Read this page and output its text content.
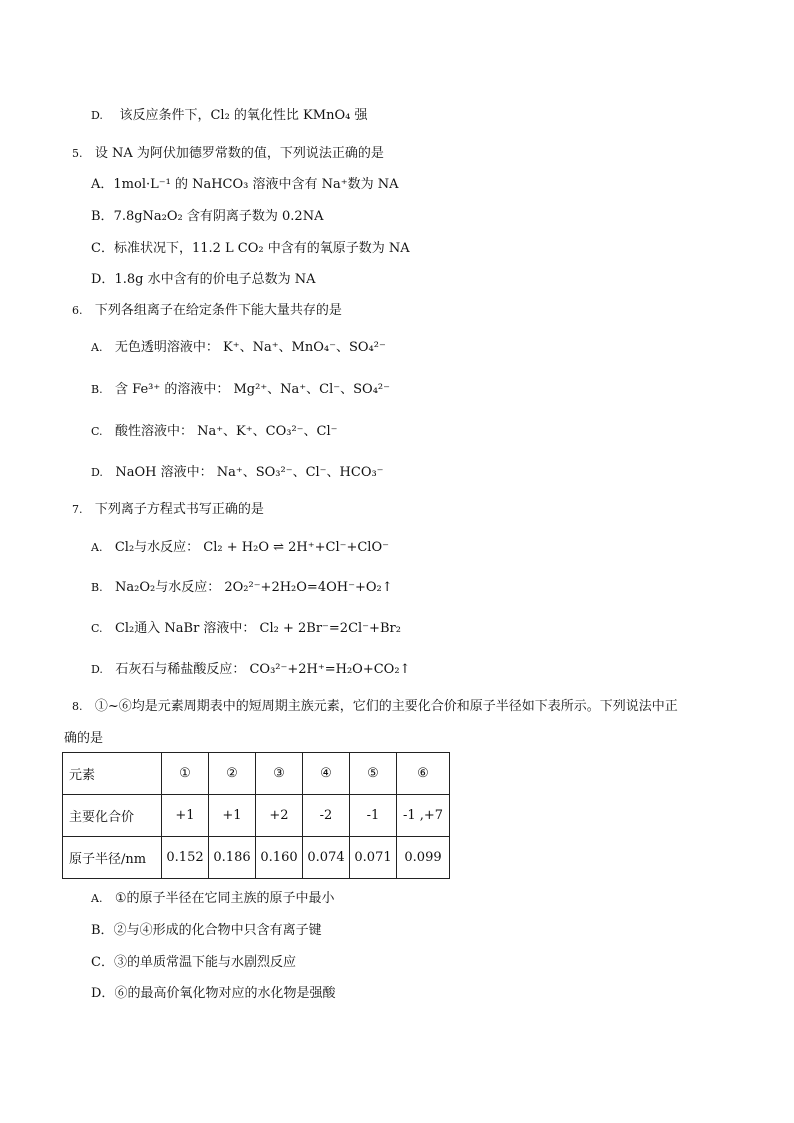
D. 该反应条件下，Cl₂ 的氧化性比 KMnO₄ 强
5. 设 NA 为阿伏加德罗常数的值，下列说法正确的是
A．1mol·L⁻¹ 的 NaHCO₃ 溶液中含有 Na⁺数为 NA
B．7.8gNa₂O₂ 含有阴离子数为 0.2NA
C．标准状况下，11.2 L CO₂ 中含有的氧原子数为 NA
D．1.8g 水中含有的价电子总数为 NA
6. 下列各组离子在给定条件下能大量共存的是
A. 无色透明溶液中： K⁺、Na⁺、MnO₄⁻、SO₄²⁻
B. 含 Fe³⁺ 的溶液中： Mg²⁺、Na⁺、Cl⁻、SO₄²⁻
C. 酸性溶液中： Na⁺、K⁺、CO₃²⁻、Cl⁻
D. NaOH 溶液中： Na⁺、SO₃²⁻、Cl⁻、HCO₃⁻
7. 下列离子方程式书写正确的是
A. Cl₂与水反应： Cl₂ + H₂O ⇌ 2H⁺+Cl⁻+ClO⁻
B. Na₂O₂与水反应： 2O₂²⁻+2H₂O=4OH⁻+O₂↑
C. Cl₂通入 NaBr 溶液中： Cl₂ + 2Br⁻=2Cl⁻+Br₂
D. 石灰石与稀盐酸反应： CO₃²⁻+2H⁺=H₂O+CO₂↑
8. ①~⑥均是元素周期表中的短周期主族元素，它们的主要化合价和原子半径如下表所示。下列说法中正
确的是
元素	①	②	③	④	⑤	⑥
主要化合价	+1	+1	+2	-2	-1	-1 ,+7
原子半径/nm	0.152	0.186	0.160	0.074	0.071	0.099
A. ①的原子半径在它同主族的原子中最小
B．②与④形成的化合物中只含有离子键
C．③的单质常温下能与水剧烈反应
D．⑥的最高价氧化物对应的水化物是强酸
